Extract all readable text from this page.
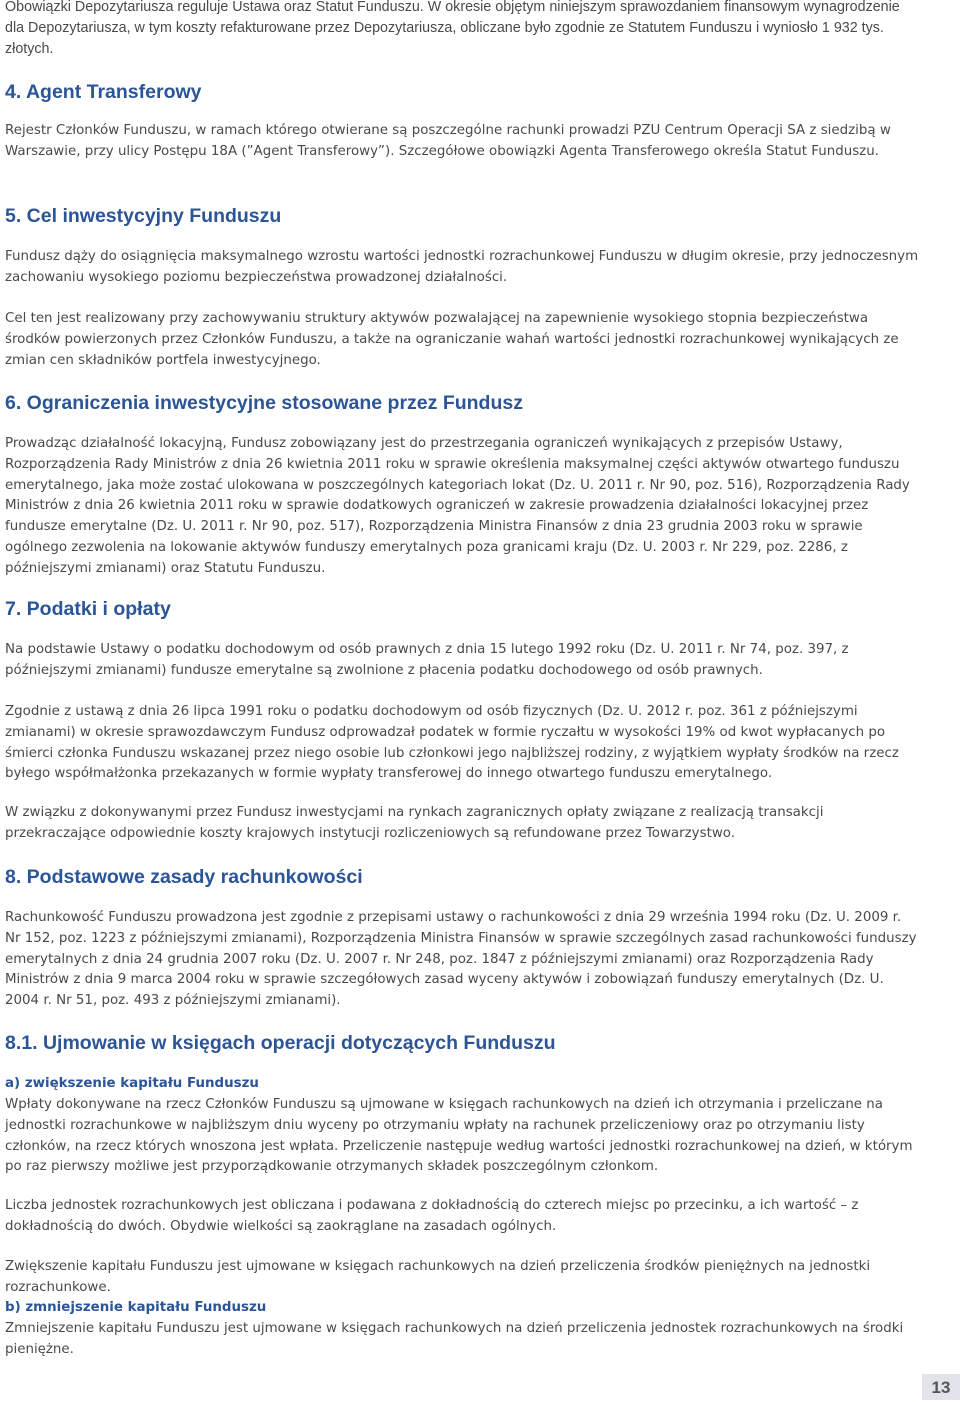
Obowiązki Depozytariusza reguluje Ustawa oraz Statut Funduszu. W okresie objętym niniejszym sprawozdaniem finansowym wynagrodzenie dla Depozytariusza, w tym koszty refakturowane przez Depozytariusza, obliczane było zgodnie ze Statutem Funduszu i wyniosło 1 932 tys. złotych.

4. Agent Transferowy

Rejestr Członków Funduszu, w ramach którego otwierane są poszczególne rachunki prowadzi PZU Centrum Operacji SA z siedzibą w Warszawie, przy ulicy Postępu 18A (”Agent Transferowy”). Szczegółowe obowiązki Agenta Transferowego określa Statut Funduszu.

5. Cel inwestycyjny Funduszu

Fundusz dąży do osiągnięcia maksymalnego wzrostu wartości jednostki rozrachunkowej Funduszu w długim okresie, przy jednoczesnym zachowaniu wysokiego poziomu bezpieczeństwa prowadzonej działalności.

Cel ten jest realizowany przy zachowywaniu struktury aktywów pozwalającej na zapewnienie wysokiego stopnia bezpieczeństwa środków powierzonych przez Członków Funduszu, a także na ograniczanie wahań wartości jednostki rozrachunkowej wynikających ze zmian cen składników portfela inwestycyjnego.

6. Ograniczenia inwestycyjne stosowane przez Fundusz

Prowadząc działalność lokacyjną, Fundusz zobowiązany jest do przestrzegania ograniczeń wynikających z przepisów Ustawy, Rozporządzenia Rady Ministrów z dnia 26 kwietnia 2011 roku w sprawie określenia maksymalnej części aktywów otwartego funduszu emerytalnego, jaka może zostać ulokowana w poszczególnych kategoriach lokat (Dz. U. 2011 r. Nr 90, poz. 516), Rozporządzenia Rady Ministrów z dnia 26 kwietnia 2011 roku w sprawie dodatkowych ograniczeń w zakresie prowadzenia działalności lokacyjnej przez fundusze emerytalne (Dz. U. 2011 r. Nr 90, poz. 517), Rozporządzenia Ministra Finansów z dnia 23 grudnia 2003 roku w sprawie ogólnego zezwolenia na lokowanie aktywów funduszy emerytalnych poza granicami kraju (Dz. U. 2003 r. Nr 229, poz. 2286, z późniejszymi zmianami) oraz Statutu Funduszu.

7. Podatki i opłaty

Na podstawie Ustawy o podatku dochodowym od osób prawnych z dnia 15 lutego 1992 roku (Dz. U. 2011 r. Nr 74, poz. 397, z późniejszymi zmianami) fundusze emerytalne są zwolnione z płacenia podatku dochodowego od osób prawnych.

Zgodnie z ustawą z dnia 26 lipca 1991 roku o podatku dochodowym od osób fizycznych (Dz. U. 2012 r. poz. 361 z późniejszymi zmianami) w okresie sprawozdawczym Fundusz odprowadzał podatek w formie ryczałtu w wysokości 19% od kwot wypłacanych po śmierci członka Funduszu wskazanej przez niego osobie lub członkowi jego najbliższej rodziny, z wyjątkiem wypłaty środków na rzecz byłego współmałżonka przekazanych w formie wypłaty transferowej do innego otwartego funduszu emerytalnego.

W związku z dokonywanymi przez Fundusz inwestycjami na rynkach zagranicznych opłaty związane z realizacją transakcji przekraczające odpowiednie koszty krajowych instytucji rozliczeniowych są refundowane przez Towarzystwo.

8. Podstawowe zasady rachunkowości

Rachunkowość Funduszu prowadzona jest zgodnie z przepisami ustawy o rachunkowości z dnia 29 września 1994 roku (Dz. U. 2009 r. Nr 152, poz. 1223 z późniejszymi zmianami), Rozporządzenia Ministra Finansów w sprawie szczególnych zasad rachunkowości funduszy emerytalnych z dnia 24 grudnia 2007 roku (Dz. U. 2007 r. Nr 248, poz. 1847 z późniejszymi zmianami) oraz Rozporządzenia Rady Ministrów z dnia 9 marca 2004 roku w sprawie szczegółowych zasad wyceny aktywów i zobowiązań funduszy emerytalnych (Dz. U. 2004 r. Nr 51, poz. 493 z późniejszymi zmianami).

8.1. Ujmowanie w księgach operacji dotyczących Funduszu

a) zwiększenie kapitału Funduszu

Wpłaty dokonywane na rzecz Członków Funduszu są ujmowane w księgach rachunkowych na dzień ich otrzymania i przeliczane na jednostki rozrachunkowe w najbliższym dniu wyceny po otrzymaniu wpłaty na rachunek przeliczeniowy oraz po otrzymaniu listy członków, na rzecz których wnoszona jest wpłata. Przeliczenie następuje według wartości jednostki rozrachunkowej na dzień, w którym po raz pierwszy możliwe jest przyporządkowanie otrzymanych składek poszczególnym członkom.

Liczba jednostek rozrachunkowych jest obliczana i podawana z dokładnością do czterech miejsc po przecinku, a ich wartość – z dokładnością do dwóch. Obydwie wielkości są zaokrąglane na zasadach ogólnych.

Zwiększenie kapitału Funduszu jest ujmowane w księgach rachunkowych na dzień przeliczenia środków pieniężnych na jednostki rozrachunkowe.

b) zmniejszenie kapitału Funduszu

Zmniejszenie kapitału Funduszu jest ujmowane w księgach rachunkowych na dzień przeliczenia jednostek rozrachunkowych na środki pieniężne.

13
